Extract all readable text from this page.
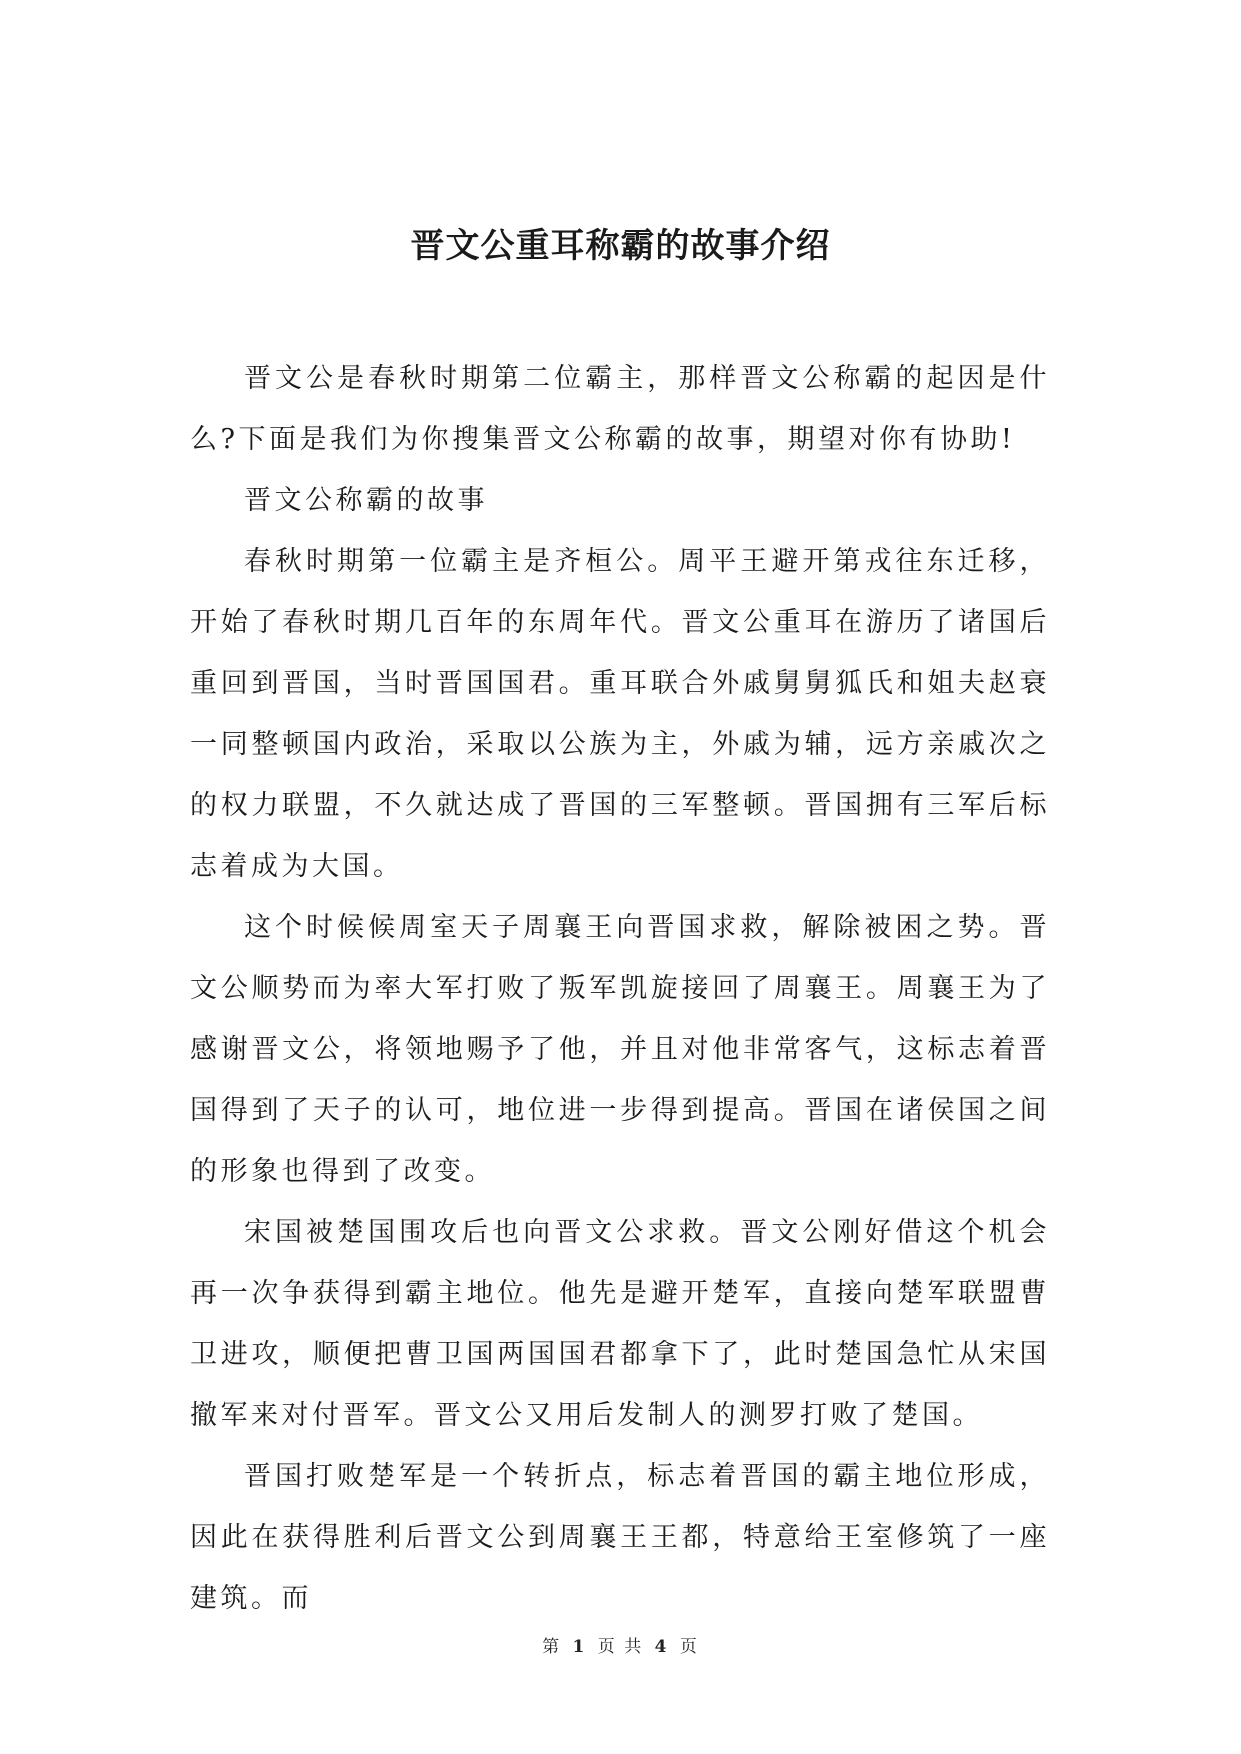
晋文公重耳称霸的故事介绍

晋文公是春秋时期第二位霸主，那样晋文公称霸的起因是什么?下面是我们为你搜集晋文公称霸的故事，期望对你有协助!

晋文公称霸的故事

春秋时期第一位霸主是齐桓公。周平王避开第戎往东迁移，开始了春秋时期几百年的东周年代。晋文公重耳在游历了诸国后重回到晋国，当时晋国国君。重耳联合外戚舅舅狐氏和姐夫赵衰一同整顿国内政治，采取以公族为主，外戚为辅，远方亲戚次之的权力联盟，不久就达成了晋国的三军整顿。晋国拥有三军后标志着成为大国。

这个时候候周室天子周襄王向晋国求救，解除被困之势。晋文公顺势而为率大军打败了叛军凯旋接回了周襄王。周襄王为了感谢晋文公，将领地赐予了他，并且对他非常客气，这标志着晋国得到了天子的认可，地位进一步得到提高。晋国在诸侯国之间的形象也得到了改变。

宋国被楚国围攻后也向晋文公求救。晋文公刚好借这个机会再一次争获得到霸主地位。他先是避开楚军，直接向楚军联盟曹卫进攻，顺便把曹卫国两国国君都拿下了，此时楚国急忙从宋国撤军来对付晋军。晋文公又用后发制人的测罗打败了楚国。

晋国打败楚军是一个转折点，标志着晋国的霸主地位形成，因此在获得胜利后晋文公到周襄王王都，特意给王室修筑了一座建筑。而

第 1 页 共 4 页
